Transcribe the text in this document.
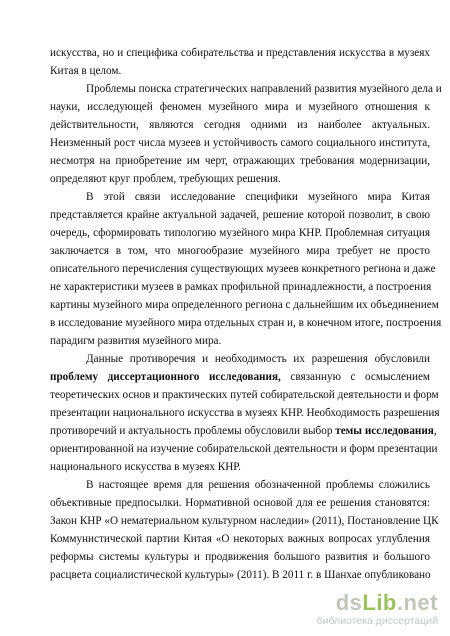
искусства, но и специфика собирательства и представления искусства в музеях
Китая в целом.
Проблемы поиска стратегических направлений развития музейного дела и
науки, исследующей феномен музейного мира и музейного отношения к
действительности, являются сегодня одними из наиболее актуальных.
Неизменный рост числа музеев и устойчивость самого социального института,
несмотря на приобретение им черт, отражающих требования модернизации,
определяют круг проблем, требующих решения.
В этой связи исследование специфики музейного мира Китая
представляется крайне актуальной задачей, решение которой позволит, в свою
очередь, сформировать типологию музейного мира КНР. Проблемная ситуация
заключается в том, что многообразие музейного мира требует не просто
описательного перечисления существующих музеев конкретного региона и даже
не характеристики музеев в рамках профильной принадлежности, а построения
картины музейного мира определенного региона с дальнейшим их объединением
в исследование музейного мира отдельных стран и, в конечном итоге, построения
парадигм развития музейного мира.
Данные противоречия и необходимость их разрешения обусловили
проблему диссертационного исследования, связанную с осмыслением
теоретических основ и практических путей собирательской деятельности и форм
презентации национального искусства в музеях КНР. Необходимость разрешения
противоречий и актуальность проблемы обусловили выбор темы исследования,
ориентированной на изучение собирательской деятельности и форм презентации
национального искусства в музеях КНР.
В настоящее время для решения обозначенной проблемы сложились
объективные предпосылки. Нормативной основой для ее решения становятся:
Закон КНР «О нематериальном культурном наследии» (2011), Постановление ЦК
Коммунистической партии Китая «О некоторых важных вопросах углубления
реформы системы культуры и продвижения большого развития и большого
расцвета социалистической культуры» (2011). В 2011 г. в Шанхае опубликовано
dsLib.net
библиотека диссертаций
